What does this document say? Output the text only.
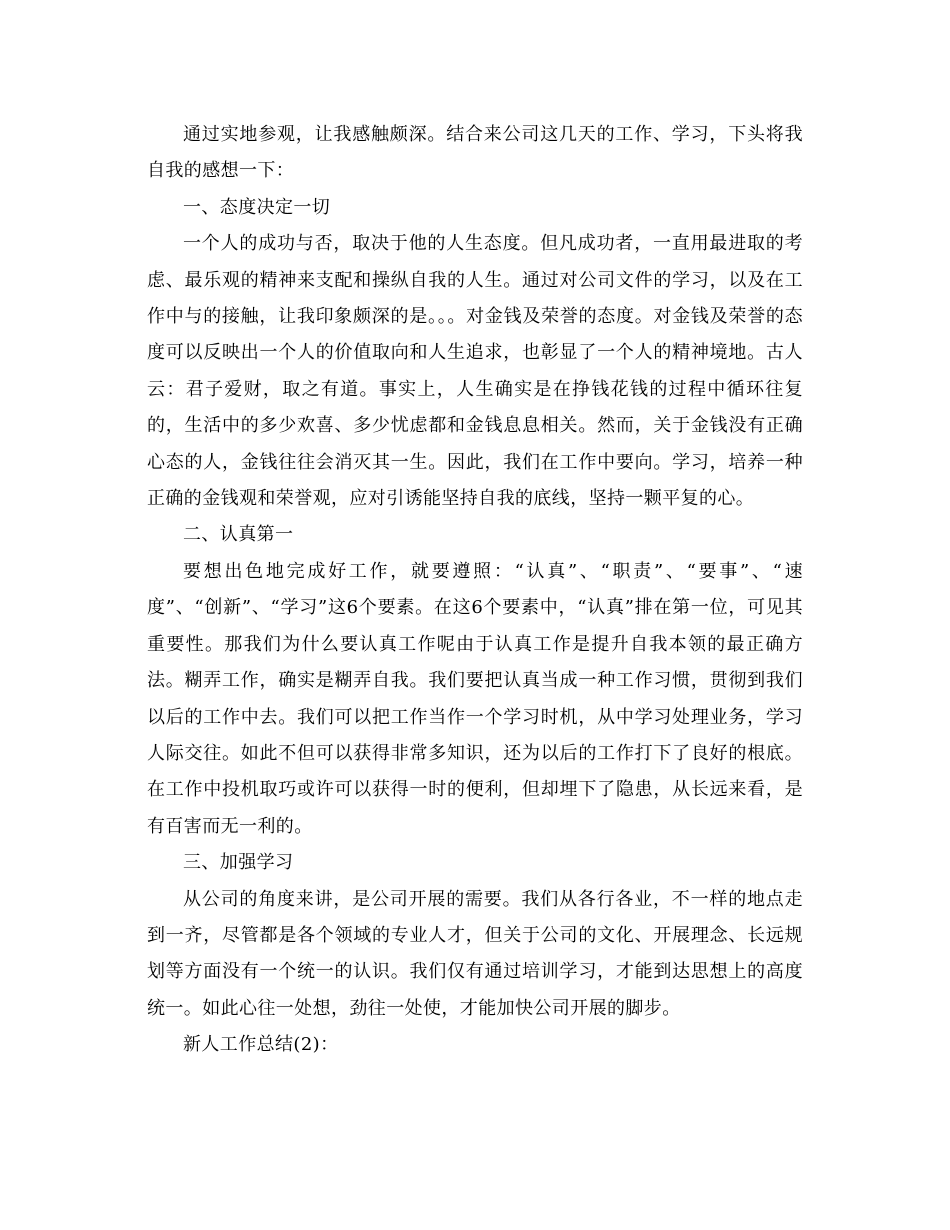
通过实地参观，让我感触颇深。结合来公司这几天的工作、学习，下头将我自我的感想一下：

一、态度决定一切

一个人的成功与否，取决于他的人生态度。但凡成功者，一直用最进取的考虑、最乐观的精神来支配和操纵自我的人生。通过对公司文件的学习，以及在工作中与的接触，让我印象颇深的是。。。对金钱及荣誉的态度。对金钱及荣誉的态度可以反映出一个人的价值取向和人生追求，也彰显了一个人的精神境地。古人云：君子爱财，取之有道。事实上，人生确实是在挣钱花钱的过程中循环往复的，生活中的多少欢喜、多少忧虑都和金钱息息相关。然而，关于金钱没有正确心态的人，金钱往往会消灭其一生。因此，我们在工作中要向。学习，培养一种正确的金钱观和荣誉观，应对引诱能坚持自我的底线，坚持一颗平复的心。

二、认真第一

要想出色地完成好工作，就要遵照：“认真”、“职责”、“要事”、“速度”、“创新”、“学习”这6个要素。在这6个要素中，“认真”排在第一位，可见其重要性。那我们为什么要认真工作呢由于认真工作是提升自我本领的最正确方法。糊弄工作，确实是糊弄自我。我们要把认真当成一种工作习惯，贯彻到我们以后的工作中去。我们可以把工作当作一个学习时机，从中学习处理业务，学习人际交往。如此不但可以获得非常多知识，还为以后的工作打下了良好的根底。在工作中投机取巧或许可以获得一时的便利，但却埋下了隐患，从长远来看，是有百害而无一利的。

三、加强学习

从公司的角度来讲，是公司开展的需要。我们从各行各业，不一样的地点走到一齐，尽管都是各个领域的专业人才，但关于公司的文化、开展理念、长远规划等方面没有一个统一的认识。我们仅有通过培训学习，才能到达思想上的高度统一。如此心往一处想，劲往一处使，才能加快公司开展的脚步。

新人工作总结(2)：
